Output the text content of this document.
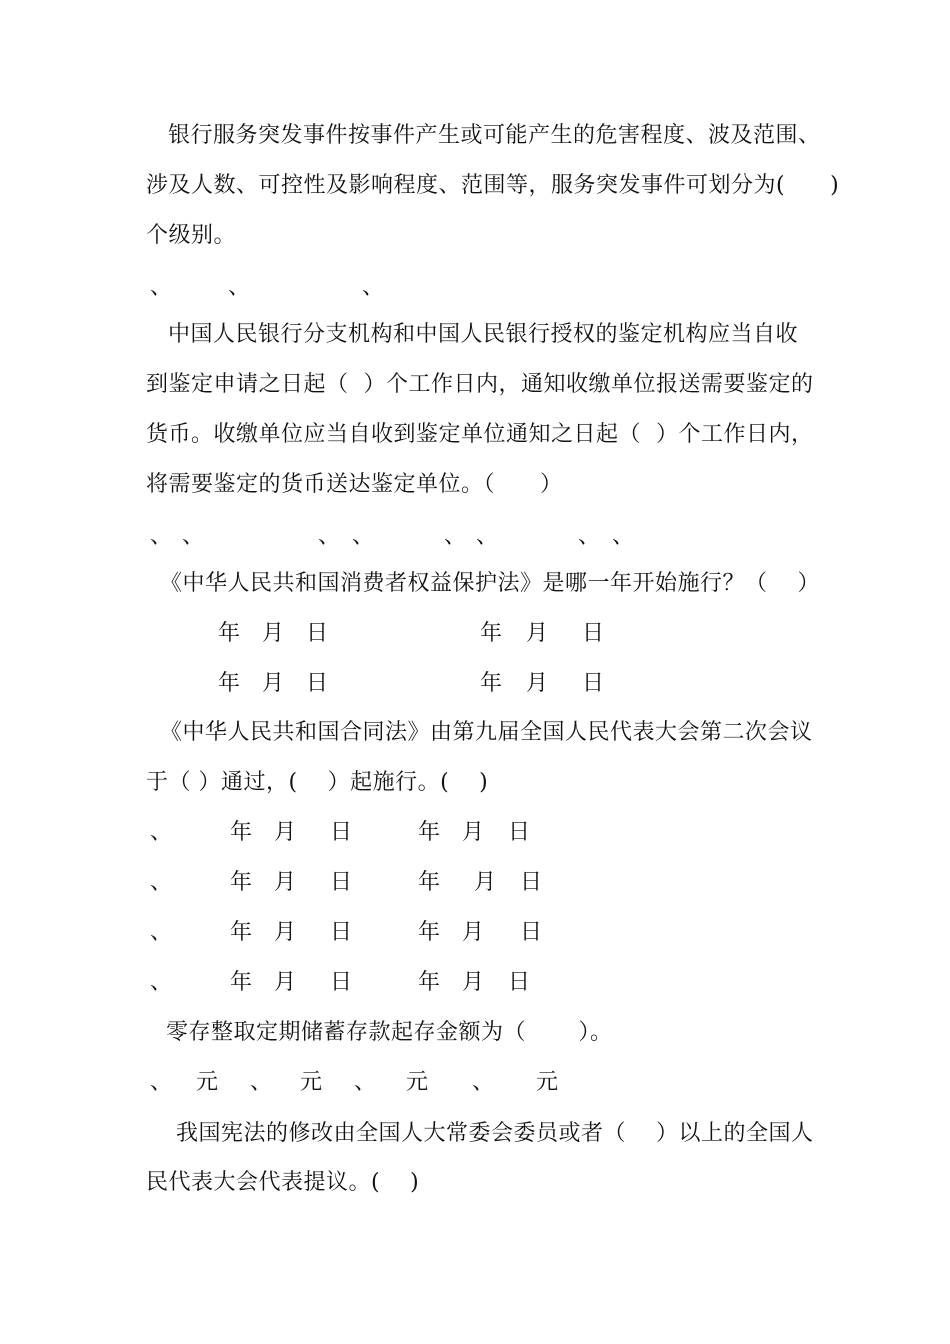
银行服务突发事件按事件产生或可能产生的危害程度、波及范围、
涉及人数、可控性及影响程度、范围等，服务突发事件可划分为(　　)
个级别。
、	、	、
中国人民银行分支机构和中国人民银行授权的鉴定机构应当自收
到鉴定申请之日起（  ）个工作日内，通知收缴单位报送需要鉴定的
货币。收缴单位应当自收到鉴定单位通知之日起（  ）个工作日内，
将需要鉴定的货币送达鉴定单位。（　　）
、 、	、 、	、 、	、 、
《中华人民共和国消费者权益保护法》是哪一年开始施行？（　 ）
年 月 日	年 月 日
年 月 日	年 月 日
《中华人民共和国合同法》由第九届全国人民代表大会第二次会议
于（ ）通过，(　 ）起施行。(　 )
、	年 月 日	年 月 日
、	年 月 日	年 月 日
、	年 月 日	年 月 日
、	年 月 日	年 月 日
零存整取定期储蓄存款起存金额为（　　 ）。
、 元 、 元 、 元 、 元
我国宪法的修改由全国人大常委会委员或者（　 ）以上的全国人
民代表大会代表提议。(　 )
